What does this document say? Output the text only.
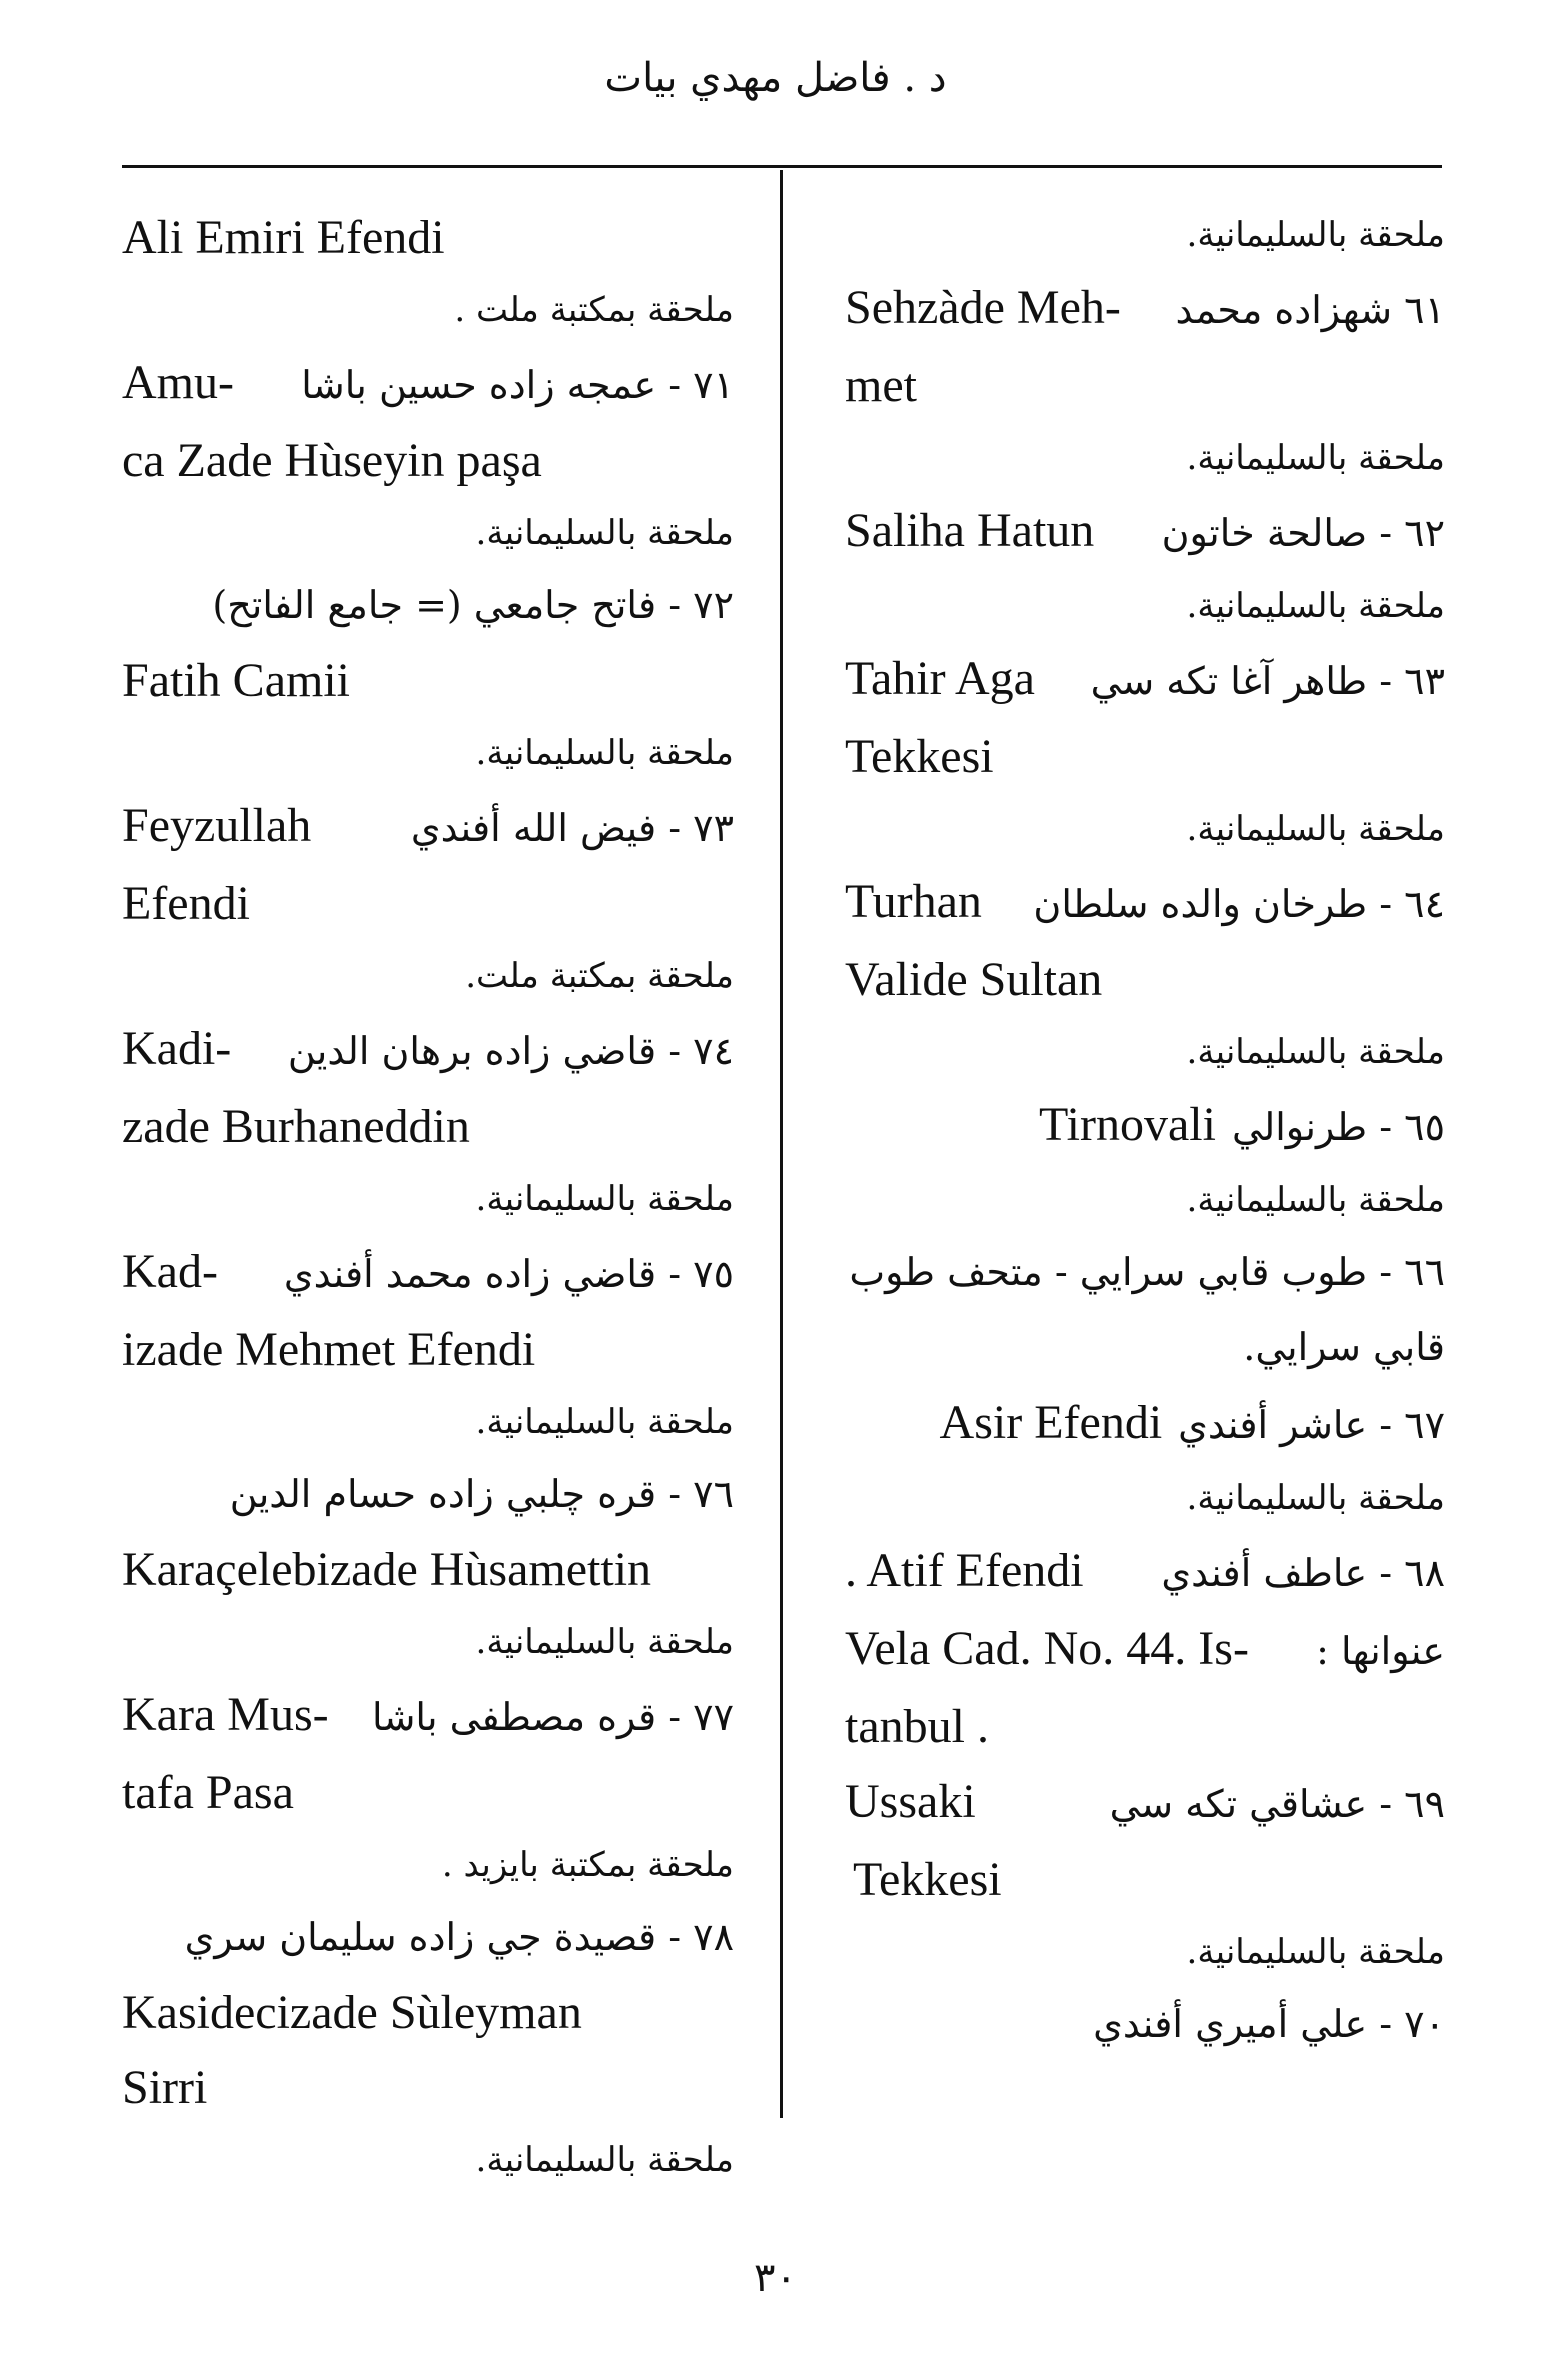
د . فاضل مهدي بيات
Ali Emiri Efendi
ملحقة بمكتبة ملت .
Amu- ٧١ - عمجه زاده حسين باشا
ca Zade Hùseyin paşa
ملحقة بالسليمانية.
٧٢ - فاتح جامعي (= جامع الفاتح)
Fatih Camii
ملحقة بالسليمانية.
Feyzullah	٧٣ - فيض الله أفندي
Efendi
ملحقة بمكتبة ملت.
Kadi- ٧٤ - قاضي زاده برهان الدين
zade Burhaneddin
ملحقة بالسليمانية.
Kad- ٧٥ - قاضي زاده محمد أفندي
izade Mehmet Efendi
ملحقة بالسليمانية.
٧٦ - قره چلبي زاده حسام الدين
Karaçelebizade Hùsamettin
ملحقة بالسليمانية.
Kara Mus- ٧٧ - قره مصطفى باشا
tafa Pasa
ملحقة بمكتبة بايزيد .
٧٨ - قصيدة جي زاده سليمان سري
Kasidecizade Sùleyman
Sirri
ملحقة بالسليمانية.
ملحقة بالسليمانية.
Sehzàde Meh- ٦١ شهزاده محمد
met
ملحقة بالسليمانية.
Saliha Hatun ٦٢ - صالحة خاتون
ملحقة بالسليمانية.
Tahir Aga ٦٣ - طاهر آغا تكه سي
Tekkesi
ملحقة بالسليمانية.
Turhan ٦٤ - طرخان والده سلطان
Valide Sultan
ملحقة بالسليمانية.
Tirnovali ٦٥ - طرنوالي
ملحقة بالسليمانية.
٦٦ - طوب قابي سرايي - متحف طوب
قابي سرايي.
Asir Efendi ٦٧ - عاشر أفندي
ملحقة بالسليمانية.
. Atif Efendi ٦٨ - عاطف أفندي
Vela Cad. No. 44. Is- عنوانها :
tanbul .
Ussaki	٦٩ - عشاقي تكه سي
Tekkesi
ملحقة بالسليمانية.
٧٠ - علي أميري أفندي
٣٠
